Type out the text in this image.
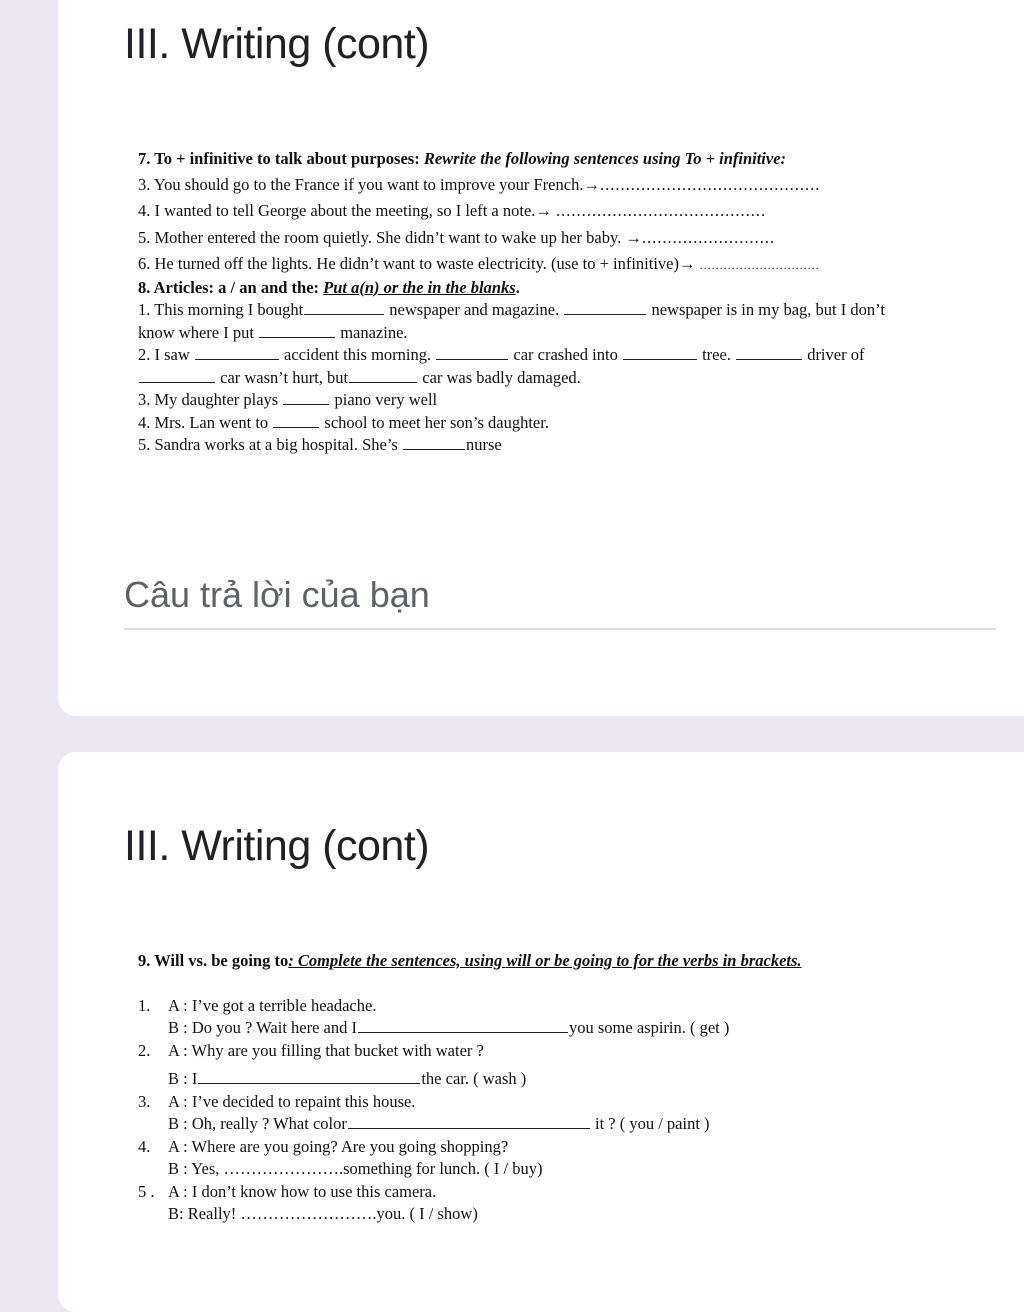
III. Writing (cont)
7. To + infinitive to talk about purposes: Rewrite the following sentences using To + infinitive:
3. You should go to the France if you want to improve your French.→...........................................
4. I wanted to tell George about the meeting, so I left a note.→ .........................................
5. Mother entered the room quietly. She didn’t want to wake up her baby. →..........................
6. He turned off the lights. He didn’t want to waste electricity. (use to + infinitive)→ ..............................
8. Articles: a / an and the: Put a(n) or the in the blanks.
1. This morning I bought	newspaper and magazine.	newspaper is in my bag, but I don’t
know where I put	manazine.
2. I saw	accident this morning.	car crashed into	tree.	driver of
car wasn’t hurt, but	car was badly damaged.
3. My daughter plays	piano very well
4. Mrs. Lan went to	school to meet her son’s daughter.
5. Sandra works at a big hospital. She’s	nurse
Câu trả lời của bạn
III. Writing (cont)
9. Will vs. be going to: Complete the sentences, using will or be going to for the verbs in brackets.
1. A : I’ve got a terrible headache.
B : Do you ? Wait here and I	you some aspirin. ( get )
2. A : Why are you filling that bucket with water ?
B : I	the car. ( wash )
3. A : I’ve decided to repaint this house.
B : Oh, really ? What color	it ? ( you / paint )
4. A : Where are you going? Are you going shopping?
B : Yes, ………………….something for lunch. ( I / buy)
5 . A : I don’t know how to use this camera.
B: Really! …………………….you. ( I / show)
